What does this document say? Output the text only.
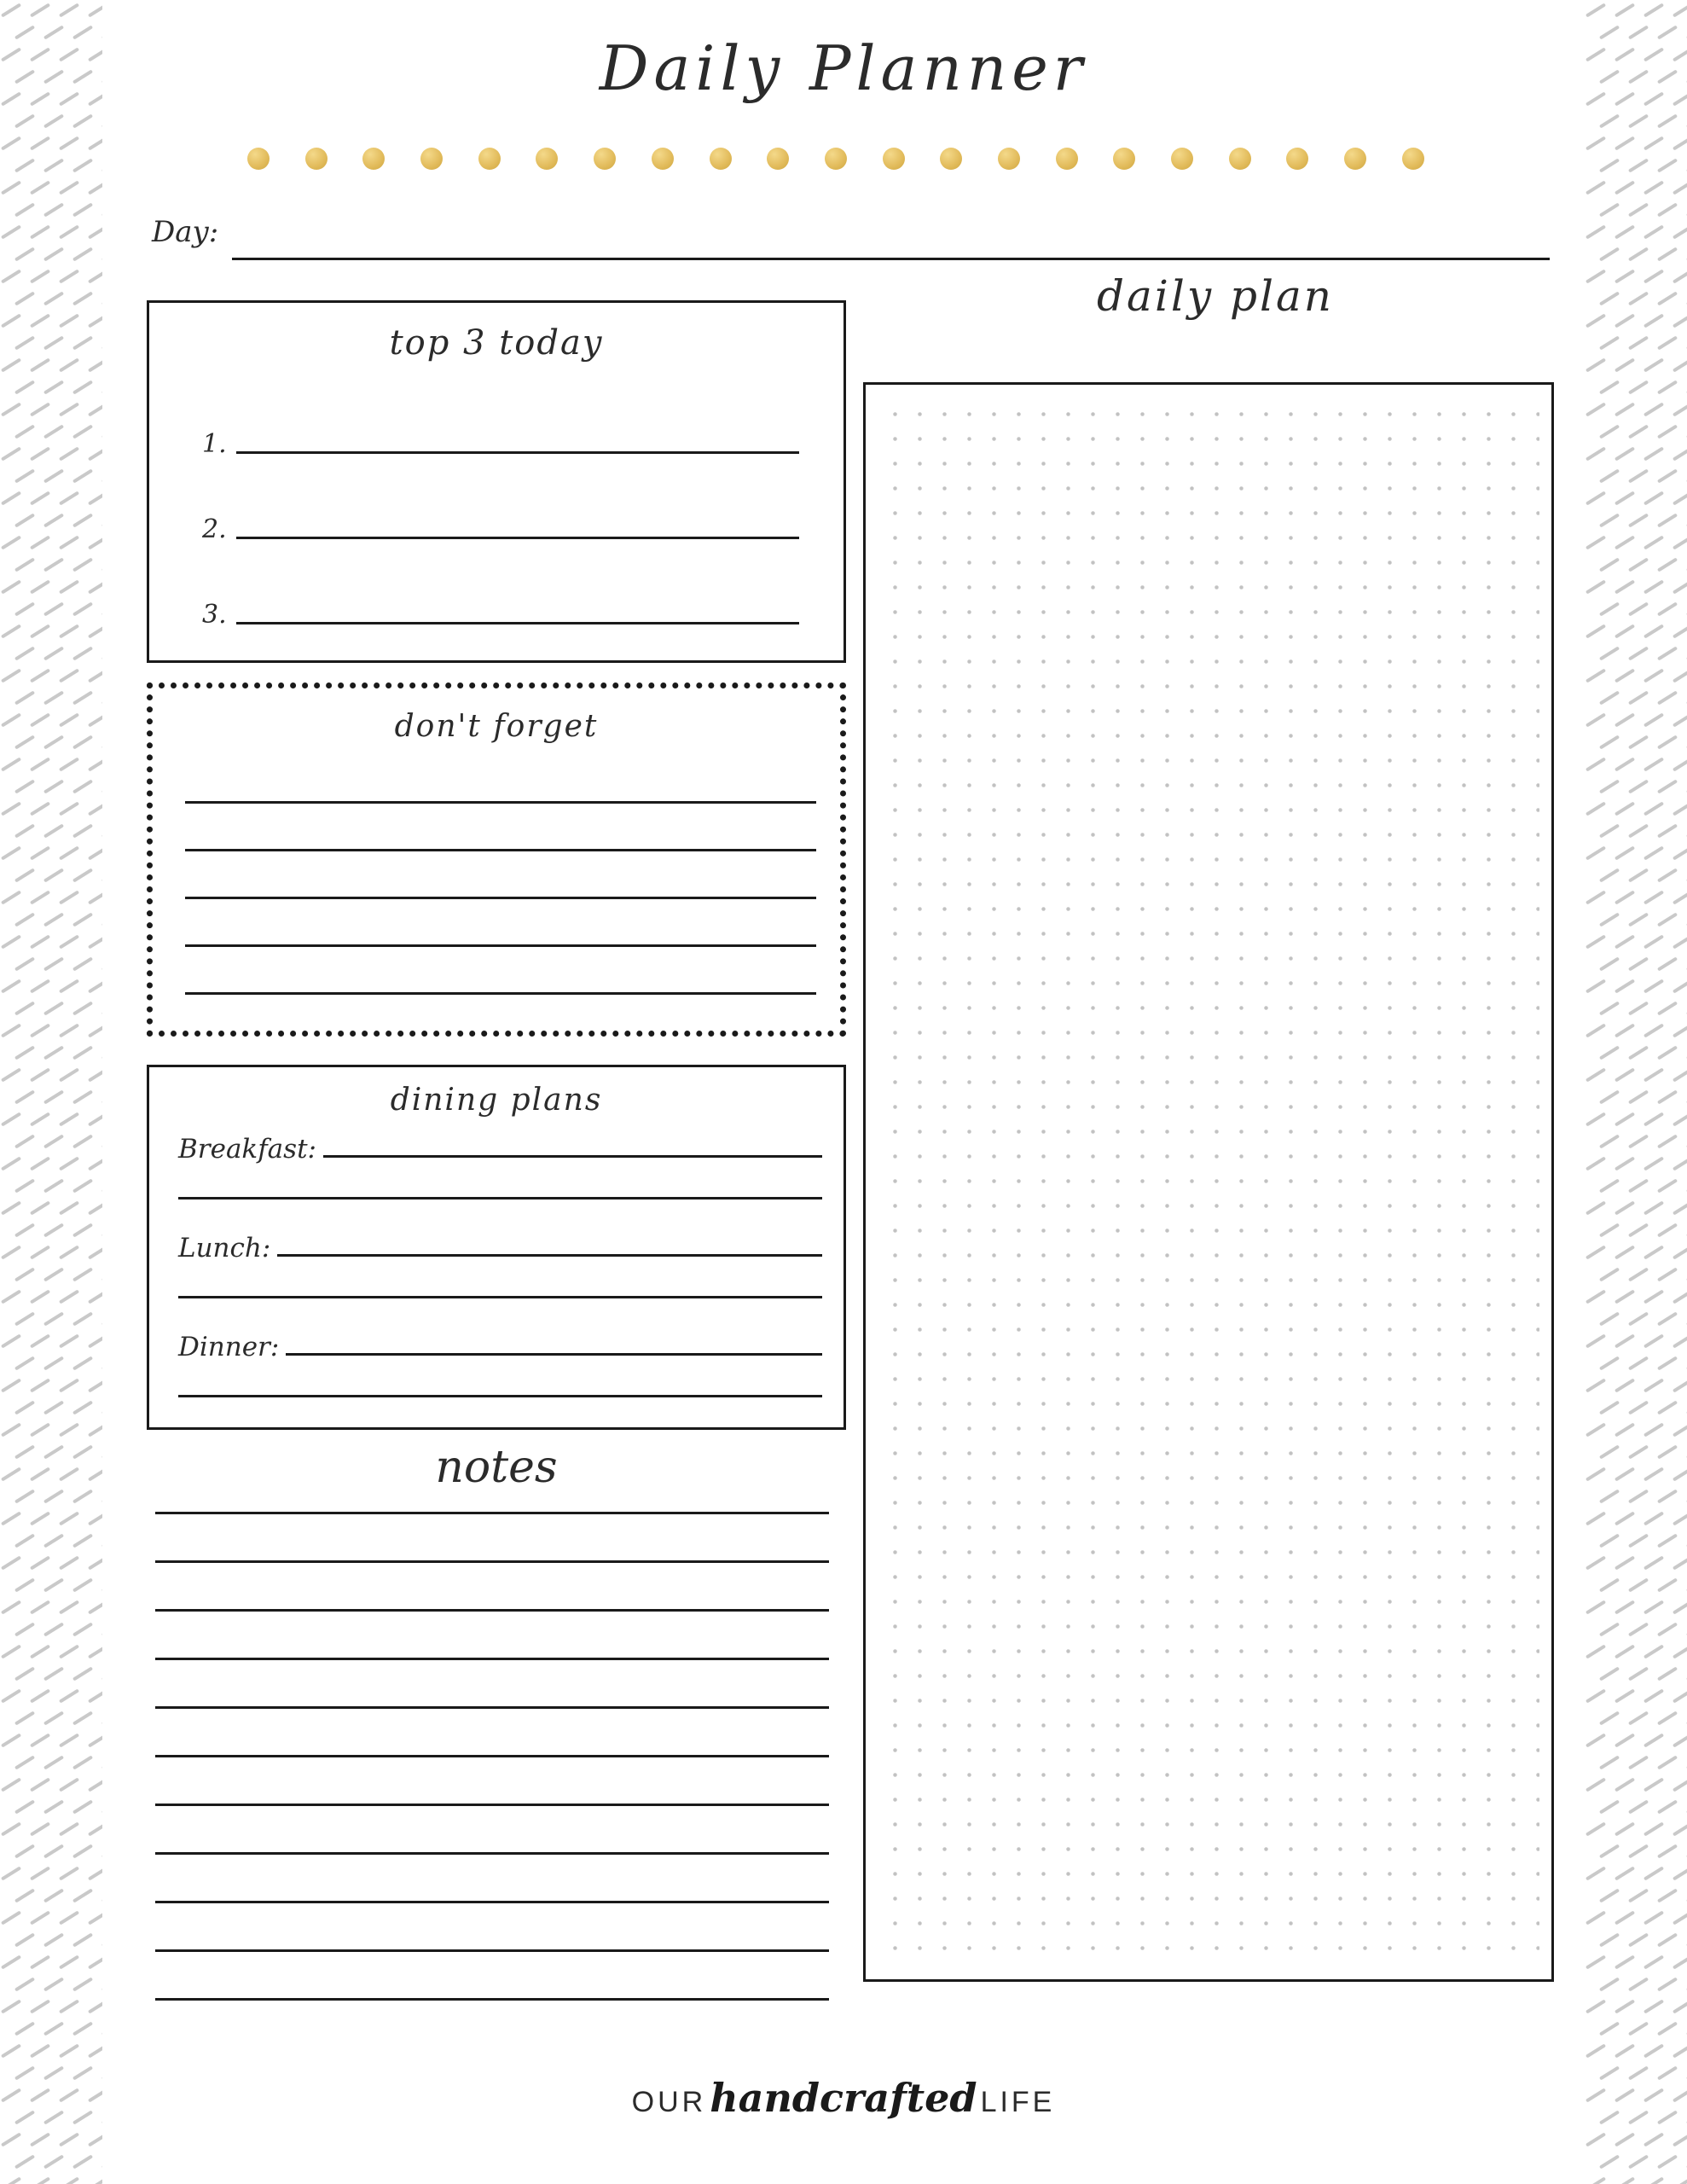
Daily Planner
Day:
top 3 today
1.
2.
3.
don't forget
dining plans
Breakfast:
Lunch:
Dinner:
notes
daily plan
OURhandcrafted LIFE
